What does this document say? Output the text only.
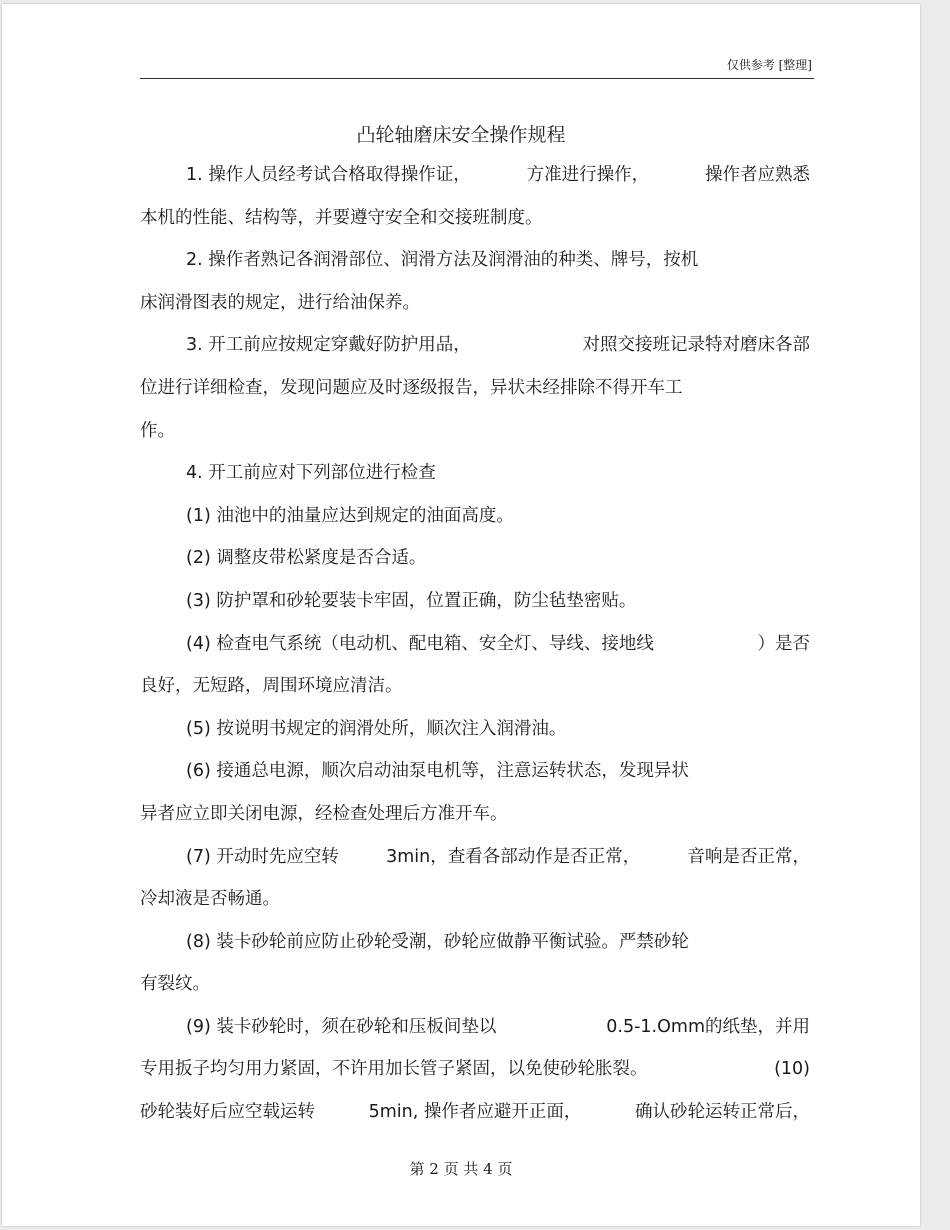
仅供参考 [整理]
凸轮轴磨床安全操作规程
1. 操作人员经考试合格取得操作证，	方准进行操作，	操作者应熟悉
本机的性能、结构等，并要遵守安全和交接班制度。
2. 操作者熟记各润滑部位、润滑方法及润滑油的种类、牌号，按机
床润滑图表的规定，进行给油保养。
3. 开工前应按规定穿戴好防护用品，	对照交接班记录特对磨床各部
位进行详细检查，发现问题应及时逐级报告，异状未经排除不得开车工
作。
4. 开工前应对下列部位进行检查
(1) 油池中的油量应达到规定的油面高度。
(2) 调整皮带松紧度是否合适。
(3) 防护罩和砂轮要装卡牢固，位置正确，防尘毡垫密贴。
(4) 检查电气系统（电动机、配电箱、安全灯、导线、接地线	）是否
良好，无短路，周围环境应清洁。
(5) 按说明书规定的润滑处所，顺次注入润滑油。
(6) 接通总电源，顺次启动油泵电机等，注意运转状态，发现异状
异者应立即关闭电源，经检查处理后方准开车。
(7) 开动时先应空转	3min，查看各部动作是否正常，	音响是否正常，
冷却液是否畅通。
(8) 装卡砂轮前应防止砂轮受潮，砂轮应做静平衡试验。严禁砂轮
有裂纹。
(9) 装卡砂轮时，须在砂轮和压板间垫以	0.5-1.Omm的纸垫，并用
专用扳子均匀用力紧固，不许用加长管子紧固，以免使砂轮胀裂。	(10)
砂轮装好后应空载运转	5min, 操作者应避开正面，	确认砂轮运转正常后，
第 2 页 共 4 页
